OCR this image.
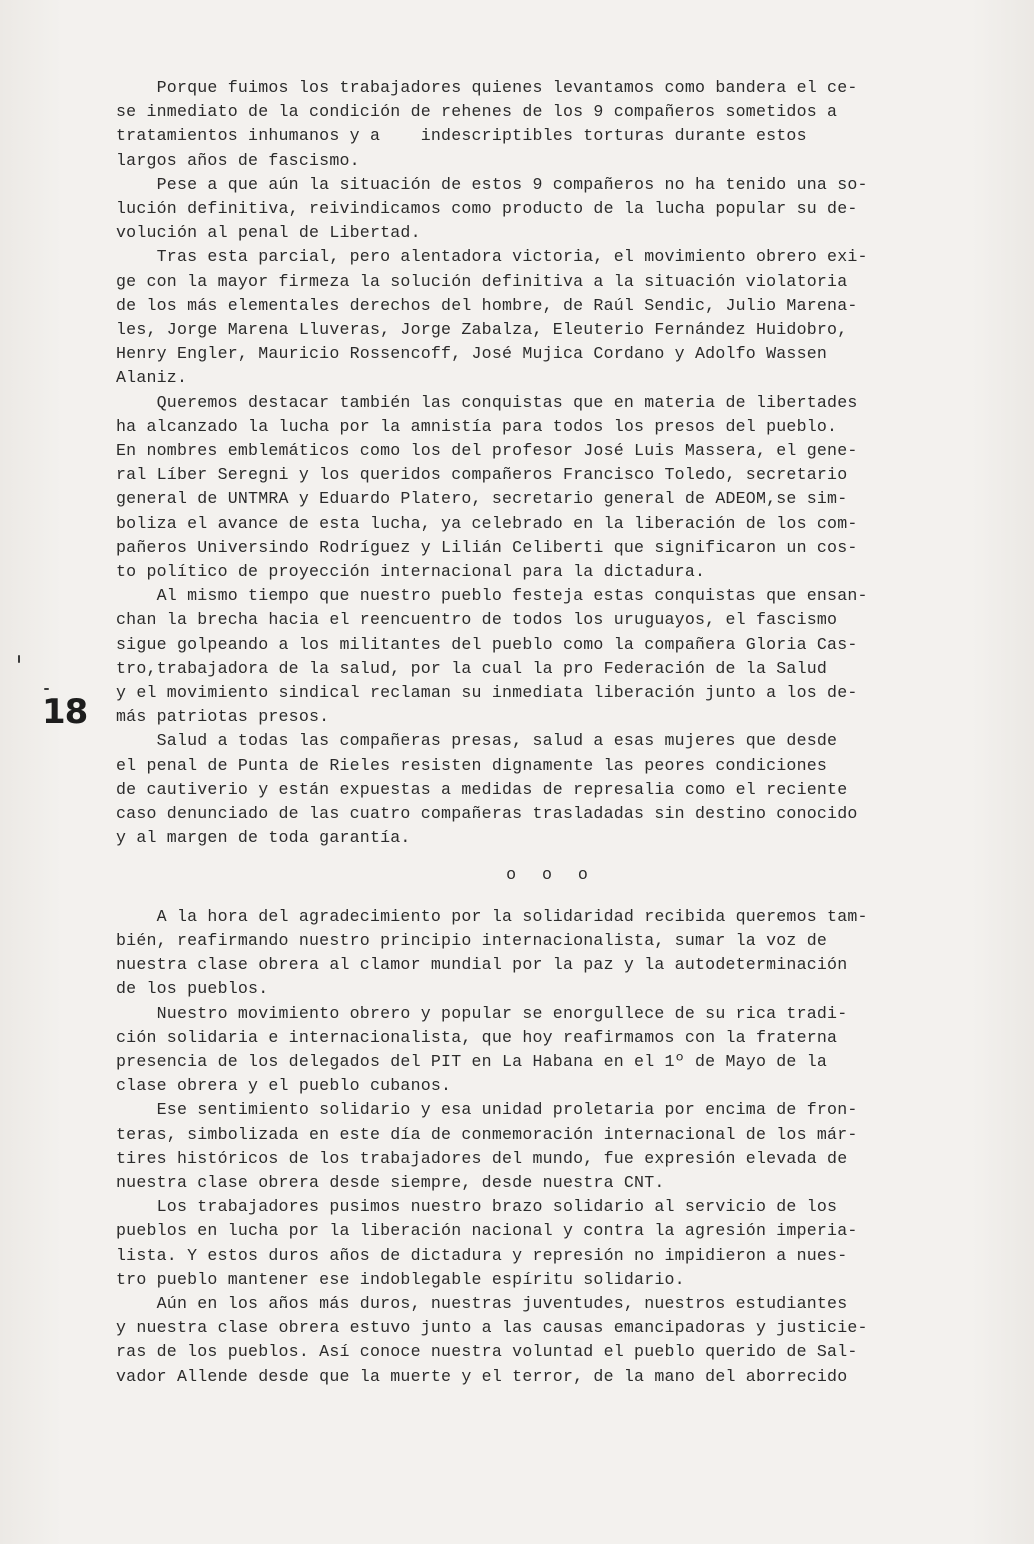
18
Porque fuimos los trabajadores quienes levantamos como bandera el ce-
se inmediato de la condición de rehenes de los 9 compañeros sometidos a
tratamientos inhumanos y a    indescriptibles torturas durante estos
largos años de fascismo.
Pese a que aún la situación de estos 9 compañeros no ha tenido una so-
lución definitiva, reivindicamos como producto de la lucha popular su de-
volución al penal de Libertad.
Tras esta parcial, pero alentadora victoria, el movimiento obrero exi-
ge con la mayor firmeza la solución definitiva a la situación violatoria
de los más elementales derechos del hombre, de Raúl Sendic, Julio Marena-
les, Jorge Marena Lluveras, Jorge Zabalza, Eleuterio Fernández Huidobro,
Henry Engler, Mauricio Rossencoff, José Mujica Cordano y Adolfo Wassen
Alaniz.
Queremos destacar también las conquistas que en materia de libertades
ha alcanzado la lucha por la amnistía para todos los presos del pueblo.
En nombres emblemáticos como los del profesor José Luis Massera, el gene-
ral Líber Seregni y los queridos compañeros Francisco Toledo, secretario
general de UNTMRA y Eduardo Platero, secretario general de ADEOM,se sim-
boliza el avance de esta lucha, ya celebrado en la liberación de los com-
pañeros Universindo Rodríguez y Lilián Celiberti que significaron un cos-
to político de proyección internacional para la dictadura.
Al mismo tiempo que nuestro pueblo festeja estas conquistas que ensan-
chan la brecha hacia el reencuentro de todos los uruguayos, el fascismo
sigue golpeando a los militantes del pueblo como la compañera Gloria Cas-
tro,trabajadora de la salud, por la cual la pro Federación de la Salud
y el movimiento sindical reclaman su inmediata liberación junto a los de-
más patriotas presos.
Salud a todas las compañeras presas, salud a esas mujeres que desde
el penal de Punta de Rieles resisten dignamente las peores condiciones
de cautiverio y están expuestas a medidas de represalia como el reciente
caso denunciado de las cuatro compañeras trasladadas sin destino conocido
y al margen de toda garantía.
o o o
A la hora del agradecimiento por la solidaridad recibida queremos tam-
bién, reafirmando nuestro principio internacionalista, sumar la voz de
nuestra clase obrera al clamor mundial por la paz y la autodeterminación
de los pueblos.
Nuestro movimiento obrero y popular se enorgullece de su rica tradi-
ción solidaria e internacionalista, que hoy reafirmamos con la fraterna
presencia de los delegados del PIT en La Habana en el 1º de Mayo de la
clase obrera y el pueblo cubanos.
Ese sentimiento solidario y esa unidad proletaria por encima de fron-
teras, simbolizada en este día de conmemoración internacional de los már-
tires históricos de los trabajadores del mundo, fue expresión elevada de
nuestra clase obrera desde siempre, desde nuestra CNT.
Los trabajadores pusimos nuestro brazo solidario al servicio de los
pueblos en lucha por la liberación nacional y contra la agresión imperia-
lista. Y estos duros años de dictadura y represión no impidieron a nues-
tro pueblo mantener ese indoblegable espíritu solidario.
Aún en los años más duros, nuestras juventudes, nuestros estudiantes
y nuestra clase obrera estuvo junto a las causas emancipadoras y justicie-
ras de los pueblos. Así conoce nuestra voluntad el pueblo querido de Sal-
vador Allende desde que la muerte y el terror, de la mano del aborrecido
